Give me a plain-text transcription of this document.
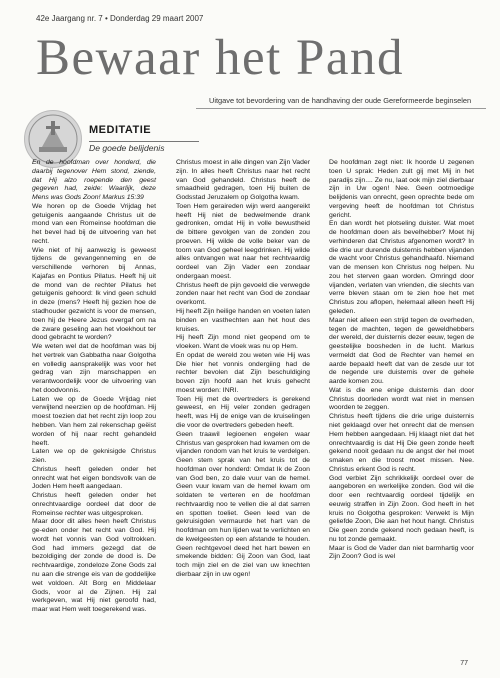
42e Jaargang nr. 7 • Donderdag 29 maart 2007
Bewaar het Pand
Uitgave tot bevordering van de handhaving der oude Gereformeerde beginselen
MEDITATIE
De goede belijdenis

En de hoofdman over honderd, die daarbij tegenover Hem stond, ziende, dat Hij alzo roepende den geest gegeven had, zeide: Waarlijk, deze Mens was Gods Zoon! Markus 15:39

We horen op de Goede Vrijdag het getuigenis aangaande Christus uit de mond van een Romeinse hoofdman die het bevel had bij de uitvoering van het recht.

Wie niet of hij aanwezig is geweest tijdens de gevangenneming en de verschillende verhoren bij Annas, Kajafas en Pontius Pilatus. Heeft hij uit de mond van de rechter Pilatus het getuigenis gehoord: Ik vind geen schuld in deze (mens? Heeft hij gezien hoe de stadhouder gezwicht is voor de mensen, toen hij de Heere Jezus overgaf om na de zware geseling aan het vloekhout ter dood gebracht te worden?

We weten wel dat de hoofdman was bij het vertrek van Gabbatha naar Golgotha en volledig aansprakelijk was voor het gedrag van zijn manschappen en verantwoordelijk voor de uitvoering van het doodvonnis.

Laten we op de Goede Vrijdag niet verwijtend neerzien op de hoofdman. Hij moest toezien dat het recht zijn loop zou hebben. Van hem zal rekenschap geëist worden of hij naar recht gehandeld heeft.

Laten we op de geknisigde Christus zien.

Christus heeft geleden onder het onrecht wat het eigen bondsvolk van de Joden Hem heeft aangedaan.

Christus heeft geleden onder het onrechtvaardige oordeel dat door de Romeinse rechter was uitgesproken.

Maar door dit alles heen heeft Christus ge-eden onder het recht van God. Hij wordt het vonnis van God voltrokken. God had immers gezegd dat de bezoldiging der zonde de dood is. De rechtvaardige, zondeloze Zone Gods zal nu aan die strenge eis van de goddelijke wet voldoen. Alt Borg en Middelaar Gods, voor al de Zijnen. Hij zal werkgeven, wat Hij niet geroofd had, maar wat Hem welt toegerekend was.

Christus moest in alle dingen van Zijn Vader zijn. In alles heeft Christus naar het recht van God gehandeld. Christus heeft de smaadheid gedragen, toen Hij buiten de Godsstad Jeruzalem op Golgotha kwam.

Toen Hem geraireden wijn werd aangereikt heeft Hij niet de bedwelmende drank gedronken, omdat Hij in volle bewustheid de bittere gevolgen van de zonden zou proeven. Hij wilde de volle beker van de toorn van God geheel leegdrinken. Hij wilde alles ontvangen wat naar het rechtvaardig oordeel van Zijn Vader een zondaar ondergaan moest.

Christus heeft de pijn gevoeld die verwegde zonden naar het recht van God de zondaar overkomt.

Hij heeft Zijn heilige handen en voeten laten binden en vasthechten aan het hout des kruises.

Hij heeft Zijn mond niet geopend om te vloeken. Want de vloek was nu op Hem.

En opdat de wereld zou weten wie Hij was Die hier het vonnis ondergiing had de rechter bevolen dat Zijn beschuldiging boven zijn hoofd aan het kruis gehecht moest worden: INRI.

Toen Hij met de overtreders is gerekend geweest, en Hij veler zonden gedragen heeft, was Hij de enige van de kruiselingen die voor de overtreders gebeden heeft.

Geen traawil legioenen engelen waar Christus van gesproken had kwamen om de vijanden rondom van het kruis te verdelgen. Geen stem sprak van het kruis tot de hoofdman over honderd: Omdat Ik de Zoon van God ben, zo dale vuur van de hemel. Geen vuur kwam van de hemel kwam om soldaten te verteren en de hoofdman rechtvaardig noo te vellen die al dat sarren en spotten toeliet. Geen leed van de gekruisigden vermaurde het hart van de hoofdman om hun lijden wat te verlichten en de kwelgeesten op een afstande te houden. Geen rechtgevoel deed het hart bewen en smekende bidden: Gij Zoon van God, laat toch mijn ziel en de ziel van uw knechten dierbaar zijn in uw ogen!

De hoofdman zegt niet: Ik hoorde U zegenen toen U sprak: Heden zult gij met Mij in het paradijs zijn.... Ze nu, laat ook mijn ziel dierbaar zijn in Uw ogen! Nee. Geen ootmoedige belijdenis van onrecht, geen oprechte bede om vergeving heeft de hoofdman tot Christus gericht.

En dan wordt het plotseling duister. Wat moet de hoofdman doen als bevelhebber? Moet hij verhinderen dat Christus afgenomen wordt? In die drie uur durende duisternis hebben vijanden de wacht voor Christus gehandhaafd. Niemand van de mensen kon Christus nog helpen. Nu zou het sterven gaan worden. Omringd door vijanden, verlaten van vrienden, die slechts van verre bleven staan om te zien hoe het met Christus zou aflopen, helemaal alleen heeft Hij geleden.

Maar niet alleen een strijd tegen de overheden, tegen de machten, tegen de geweldhebbers der wereld, der duisternis dezer eeuw, tegen de geestelijke boosheden in de lucht. Markus vermeldt dat God de Rechter van hemel en aarde bepaald heeft dat van de zesde uur tot de negende ure duisternis over de gehele aarde komen zou.

Wat is die ene enige duisternis dan door Christus doorleden wordt wat niet in mensen woorden te zeggen.

Christus heeft tijdens die drie urige duisternis niet geklaagd over het onrecht dat de mensen Hem hebben aangedaan. Hij klaagt niet dat het onrechtvaardig is dat Hij Die geen zonde heeft gekend nooit gedaan nu de angst der hel moet smaken en die troost moet missen. Nee. Christus erkent God is recht.

God verbiet Zijn schrikkelijk oordeel over de aangeboren en werkelijke zonden. God wil die door een rechtvaardig oordeel tijdelijk en eeuwig straffen in Zijn Zoon. God heeft in het kruis no Golgotha gesproken: Verwekt is Mijn geliefde Zoon, Die aan het hout hangt. Christus Die geen zonde gekend noch gedaan heeft, is nu tot zonde gemaakt.

Maar is God de Vader dan niet barmhartig voor Zijn Zoon? God is wel

77
